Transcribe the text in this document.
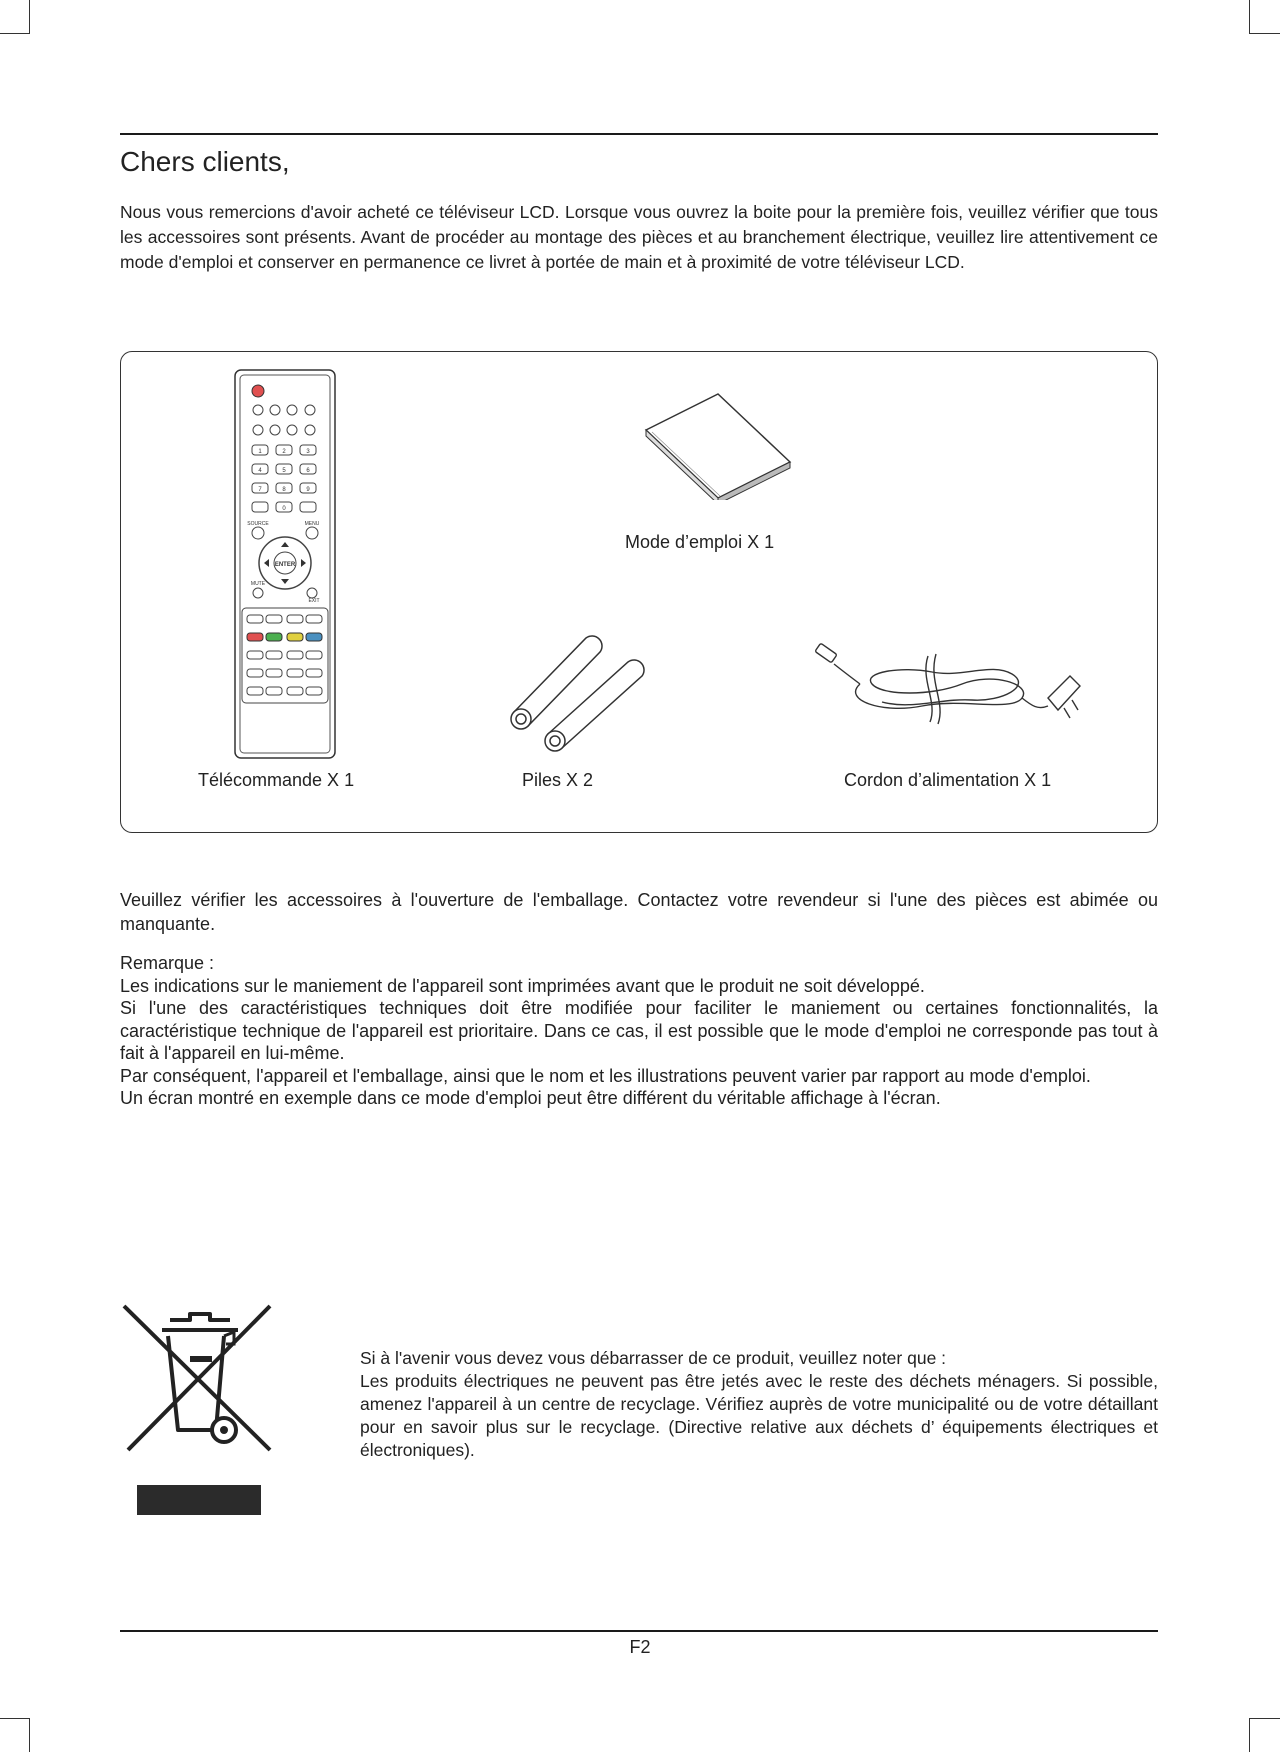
Chers clients,

Nous vous remercions d'avoir acheté ce téléviseur LCD. Lorsque vous ouvrez la boite pour la première fois, veuillez vérifier que tous les accessoires sont présents. Avant de procéder au montage des pièces et au branchement électrique, veuillez lire attentivement ce mode d'emploi et conserver en permanence ce livret à portée de main et à proximité de votre téléviseur LCD.

1	2	3
4	5	6
7	8	9
0
SOURCE	MENU
ENTER
MUTE
EXIT
Mode d’emploi X 1
Piles X 2	Cordon d’alimentation X 1
Télécommande X 1

Veuillez vérifier les accessoires à l'ouverture de l'emballage. Contactez votre revendeur si l'une des pièces est abimée ou manquante.

Remarque :
Les indications sur le maniement de l'appareil sont imprimées avant que le produit ne soit développé.
Si l'une des caractéristiques techniques doit être modifiée pour faciliter le maniement ou certaines fonctionnalités, la caractéristique technique de l'appareil est prioritaire. Dans ce cas, il est possible que le mode d'emploi ne corresponde pas tout à fait à l'appareil en lui-même.
Par conséquent, l'appareil et l'emballage, ainsi que le nom et les illustrations peuvent varier par rapport au mode d'emploi.
Un écran montré en exemple dans ce mode d'emploi peut être différent du véritable affichage à l'écran.
Si à l'avenir vous devez vous débarrasser de ce produit, veuillez noter que :
Les produits électriques ne peuvent pas être jetés avec le reste des déchets ménagers. Si possible, amenez l'appareil à un centre de recyclage. Vérifiez auprès de votre municipalité ou de votre détaillant pour en savoir plus sur le recyclage. (Directive relative aux déchets d’ équipements électriques et électroniques).
F2
